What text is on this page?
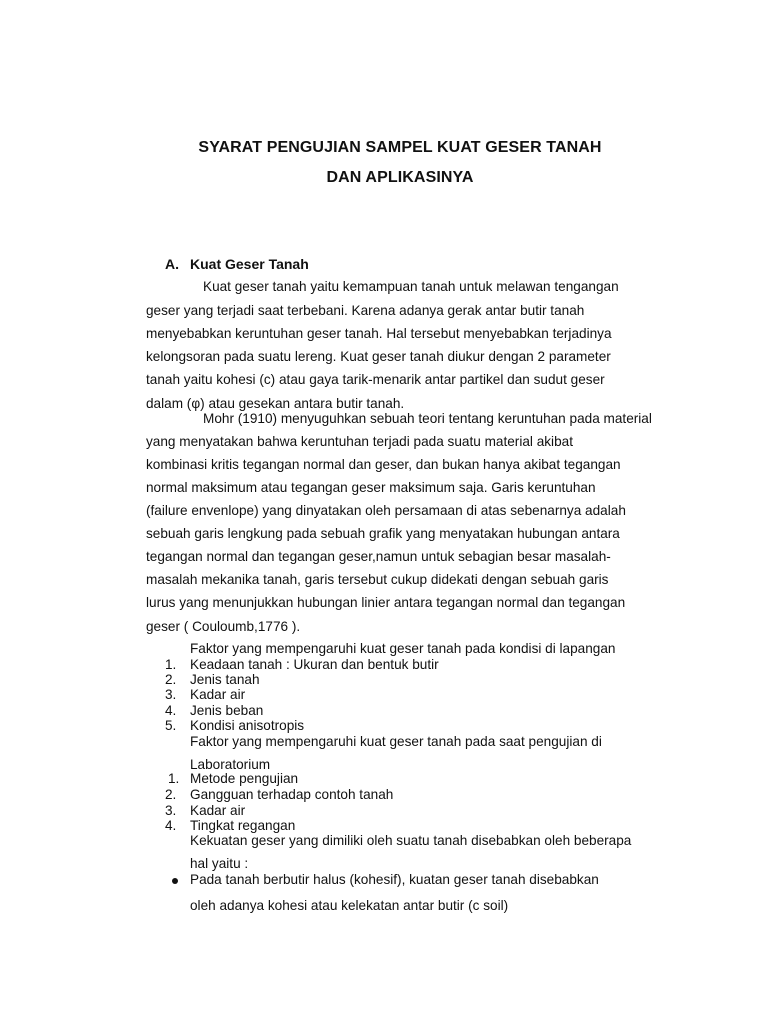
SYARAT PENGUJIAN SAMPEL KUAT GESER TANAH
DAN APLIKASINYA
A. Kuat Geser Tanah
Kuat geser tanah yaitu kemampuan tanah untuk melawan tengangan
geser yang terjadi saat terbebani. Karena adanya gerak antar butir tanah
menyebabkan keruntuhan geser tanah. Hal tersebut menyebabkan terjadinya
kelongsoran pada suatu lereng. Kuat geser tanah diukur dengan 2 parameter
tanah yaitu kohesi (c) atau gaya tarik-menarik antar partikel dan sudut geser
dalam (φ) atau gesekan antara butir tanah.
Mohr (1910) menyuguhkan sebuah teori tentang keruntuhan pada material
yang menyatakan bahwa keruntuhan terjadi pada suatu material akibat
kombinasi kritis tegangan normal dan geser, dan bukan hanya akibat tegangan
normal maksimum atau tegangan geser maksimum saja. Garis keruntuhan
(failure envenlope) yang dinyatakan oleh persamaan di atas sebenarnya adalah
sebuah garis lengkung pada sebuah grafik yang menyatakan hubungan antara
tegangan normal dan tegangan geser,namun untuk sebagian besar masalah-
masalah mekanika tanah, garis tersebut cukup didekati dengan sebuah garis
lurus yang menunjukkan hubungan linier antara tegangan normal dan tegangan
geser ( Couloumb,1776 ).
Faktor yang mempengaruhi kuat geser tanah pada kondisi di lapangan
1. Keadaan tanah : Ukuran dan bentuk butir
2. Jenis tanah
3. Kadar air
4. Jenis beban
5. Kondisi anisotropis
Faktor yang mempengaruhi kuat geser tanah pada saat pengujian di
Laboratorium
1. Metode pengujian
2. Gangguan terhadap contoh tanah
3. Kadar air
4. Tingkat regangan
Kekuatan geser yang dimiliki oleh suatu tanah disebabkan oleh beberapa
hal yaitu :
Pada tanah berbutir halus (kohesif), kuatan geser tanah disebabkan
oleh adanya kohesi atau kelekatan antar butir (c soil)
